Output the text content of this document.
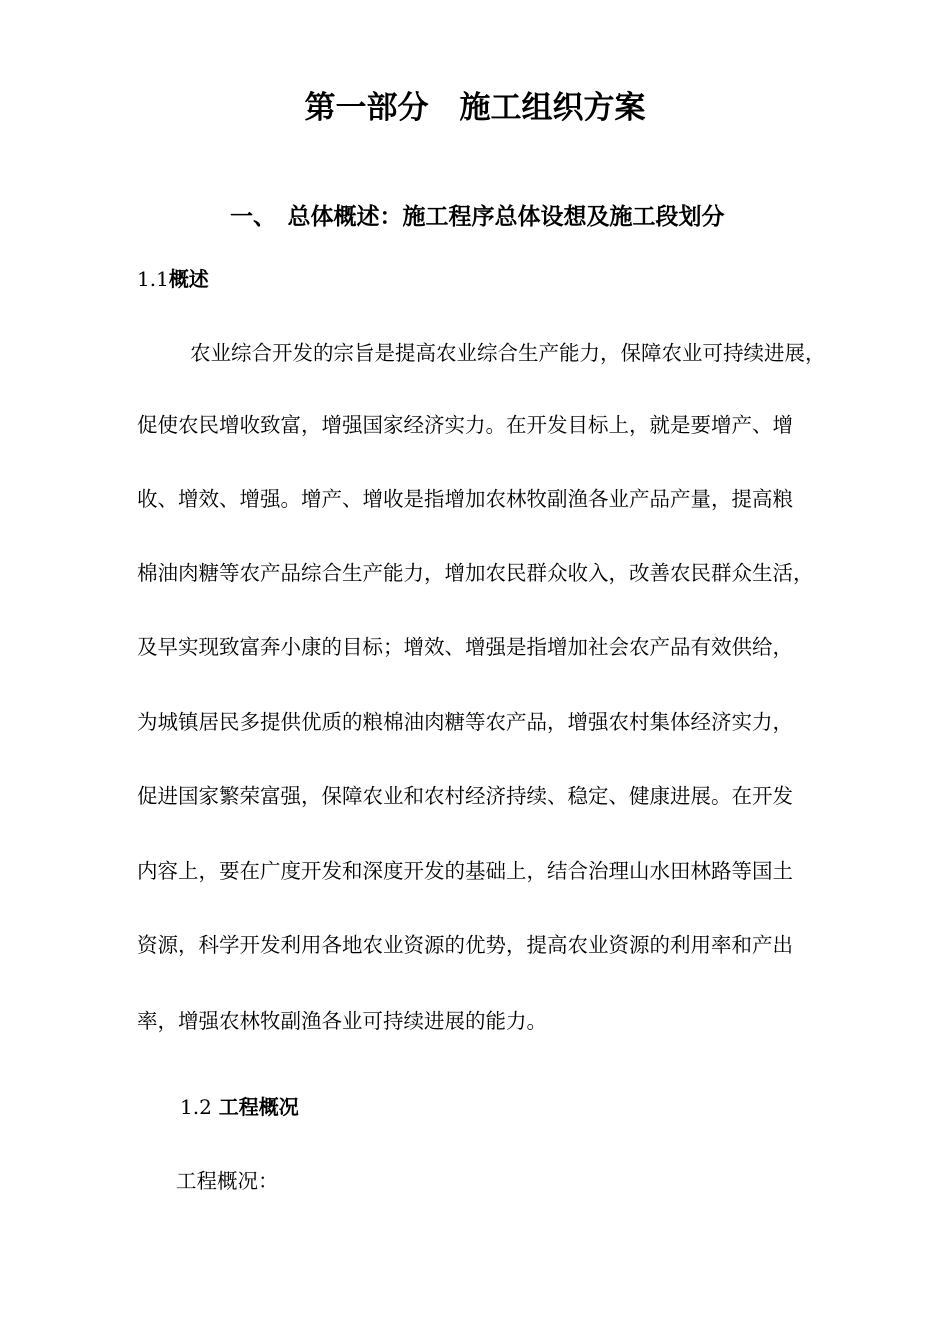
第一部分　施工组织方案
一、　总体概述：施工程序总体设想及施工段划分
1.1概述

农业综合开发的宗旨是提高农业综合生产能力，保障农业可持续进展，

促使农民增收致富，增强国家经济实力。在开发目标上，就是要增产、增

收、增效、增强。增产、增收是指增加农林牧副渔各业产品产量，提高粮

棉油肉糖等农产品综合生产能力，增加农民群众收入，改善农民群众生活，

及早实现致富奔小康的目标；增效、增强是指增加社会农产品有效供给，

为城镇居民多提供优质的粮棉油肉糖等农产品，增强农村集体经济实力，

促进国家繁荣富强，保障农业和农村经济持续、稳定、健康进展。在开发

内容上，要在广度开发和深度开发的基础上，结合治理山水田林路等国土

资源，科学开发利用各地农业资源的优势，提高农业资源的利用率和产出

率，增强农林牧副渔各业可持续进展的能力。

1.2 工程概况

工程概况：
